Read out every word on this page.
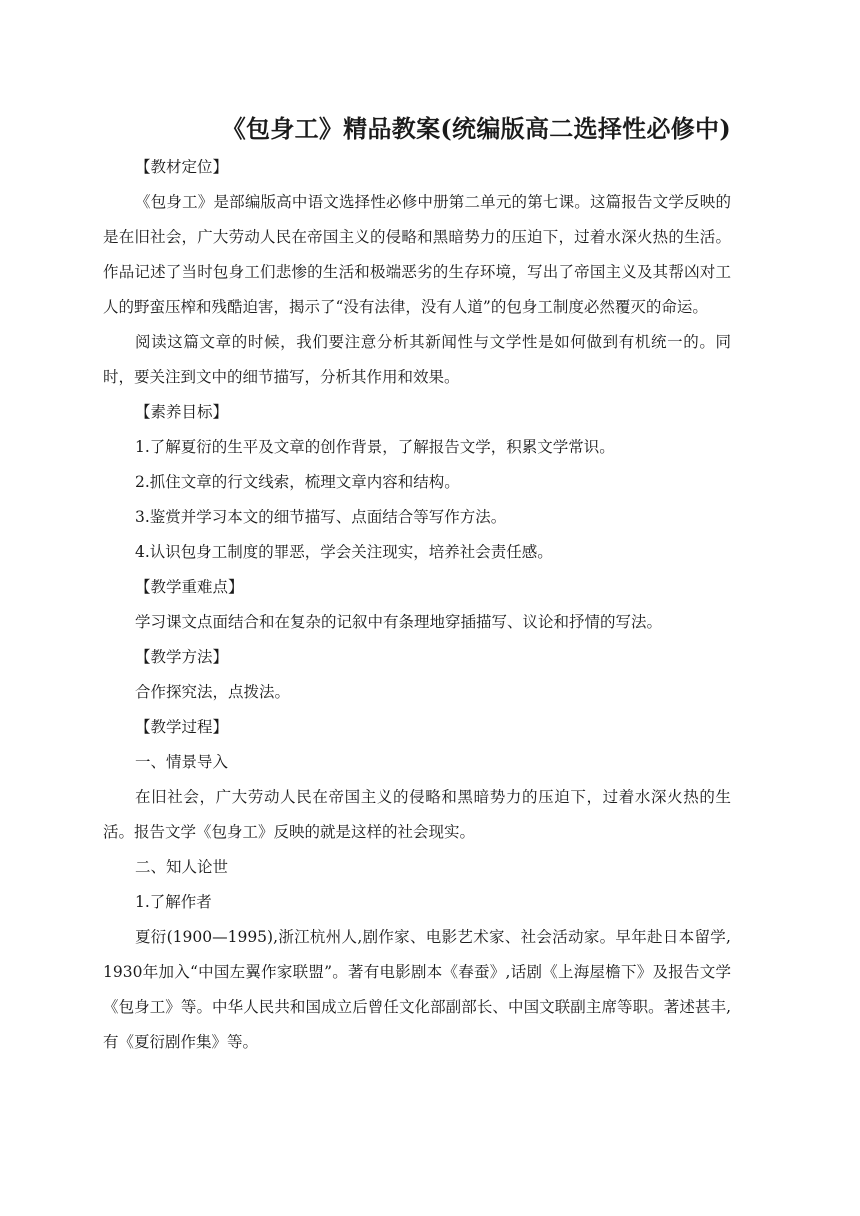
《包身工》精品教案(统编版高二选择性必修中)

【教材定位】

《包身工》是部编版高中语文选择性必修中册第二单元的第七课。这篇报告文学反映的是在旧社会，广大劳动人民在帝国主义的侵略和黑暗势力的压迫下，过着水深火热的生活。作品记述了当时包身工们悲惨的生活和极端恶劣的生存环境，写出了帝国主义及其帮凶对工人的野蛮压榨和残酷迫害，揭示了“没有法律，没有人道”的包身工制度必然覆灭的命运。

阅读这篇文章的时候，我们要注意分析其新闻性与文学性是如何做到有机统一的。同时，要关注到文中的细节描写，分析其作用和效果。

【素养目标】

1.了解夏衍的生平及文章的创作背景，了解报告文学，积累文学常识。

2.抓住文章的行文线索，梳理文章内容和结构。

3.鉴赏并学习本文的细节描写、点面结合等写作方法。

4.认识包身工制度的罪恶，学会关注现实，培养社会责任感。

【教学重难点】

学习课文点面结合和在复杂的记叙中有条理地穿插描写、议论和抒情的写法。

【教学方法】

合作探究法，点拨法。

【教学过程】

一、情景导入

在旧社会，广大劳动人民在帝国主义的侵略和黑暗势力的压迫下，过着水深火热的生活。报告文学《包身工》反映的就是这样的社会现实。

二、知人论世

1.了解作者

夏衍(1900—1995),浙江杭州人,剧作家、电影艺术家、社会活动家。早年赴日本留学,1930年加入“中国左翼作家联盟”。著有电影剧本《春蚕》,话剧《上海屋檐下》及报告文学《包身工》等。中华人民共和国成立后曾任文化部副部长、中国文联副主席等职。著述甚丰,有《夏衍剧作集》等。
